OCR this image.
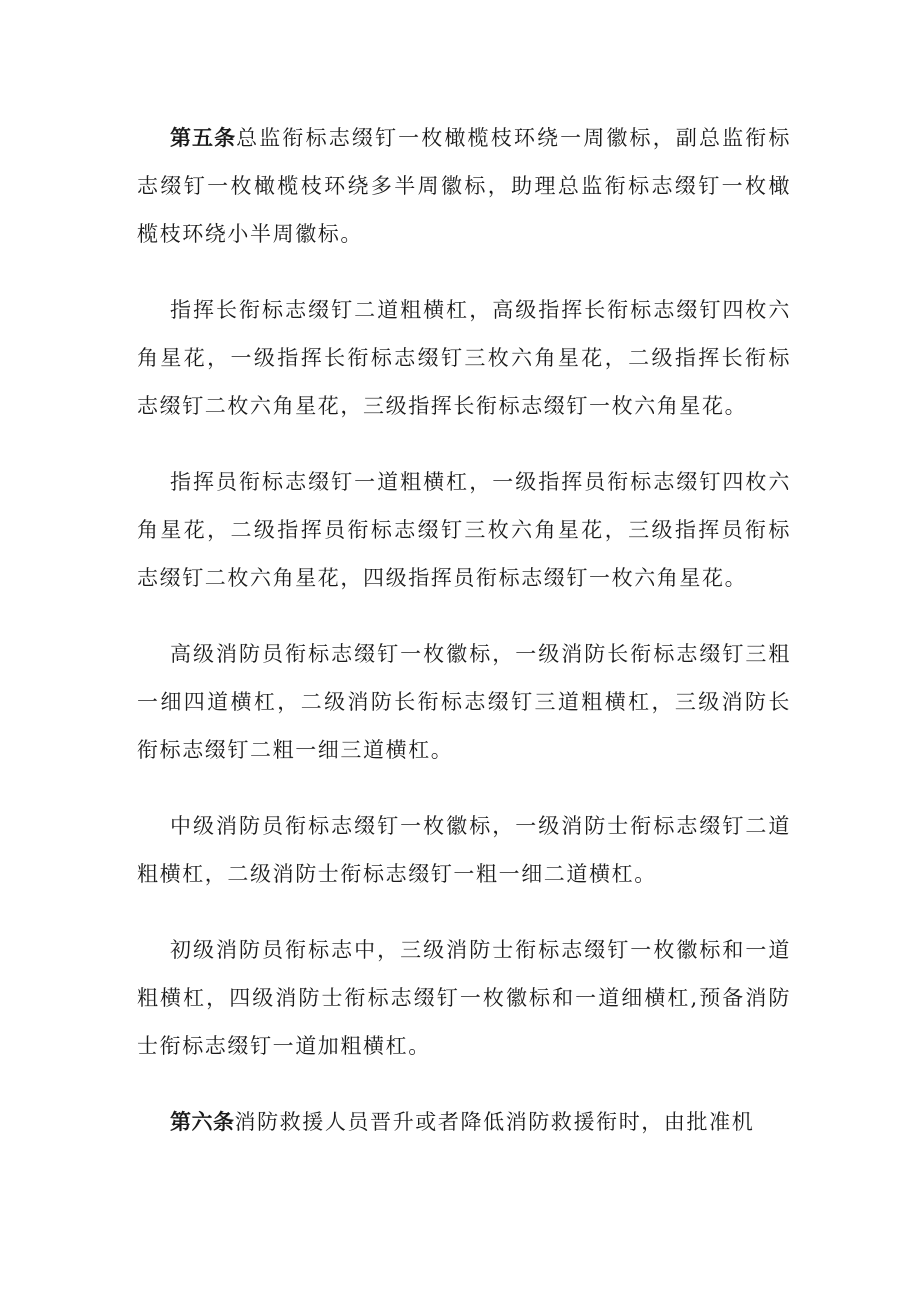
第五条总监衔标志缀钉一枚橄榄枝环绕一周徽标，副总监衔标志缀钉一枚橄榄枝环绕多半周徽标，助理总监衔标志缀钉一枚橄榄枝环绕小半周徽标。

指挥长衔标志缀钉二道粗横杠，高级指挥长衔标志缀钉四枚六角星花，一级指挥长衔标志缀钉三枚六角星花，二级指挥长衔标志缀钉二枚六角星花，三级指挥长衔标志缀钉一枚六角星花。

指挥员衔标志缀钉一道粗横杠，一级指挥员衔标志缀钉四枚六角星花，二级指挥员衔标志缀钉三枚六角星花，三级指挥员衔标志缀钉二枚六角星花，四级指挥员衔标志缀钉一枚六角星花。

高级消防员衔标志缀钉一枚徽标，一级消防长衔标志缀钉三粗一细四道横杠，二级消防长衔标志缀钉三道粗横杠，三级消防长衔标志缀钉二粗一细三道横杠。

中级消防员衔标志缀钉一枚徽标，一级消防士衔标志缀钉二道粗横杠，二级消防士衔标志缀钉一粗一细二道横杠。

初级消防员衔标志中，三级消防士衔标志缀钉一枚徽标和一道粗横杠，四级消防士衔标志缀钉一枚徽标和一道细横杠,预备消防士衔标志缀钉一道加粗横杠。

第六条消防救援人员晋升或者降低消防救援衔时，由批准机
